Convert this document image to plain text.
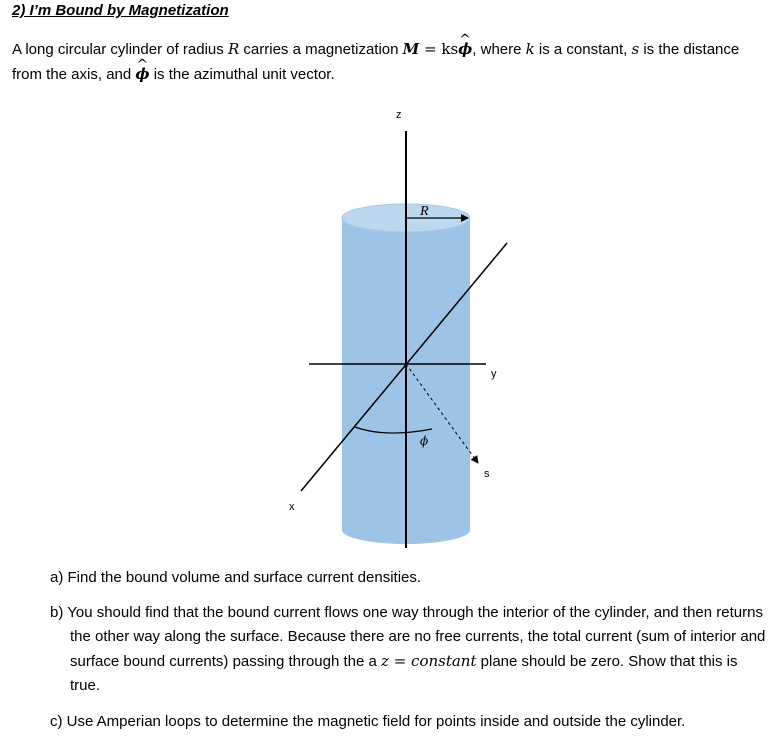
2) I’m Bound by Magnetization
A long circular cylinder of radius R carries a magnetization M = ks^ ϕ, where k is a constant, s is the distance from the axis, and ^ ϕ is the azimuthal unit vector.
R
z
y
x
s
ϕ
a) Find the bound volume and surface current densities.
b) You should find that the bound current flows one way through the interior of the cylinder, and then returns the other way along the surface. Because there are no free currents, the total current (sum of interior and surface bound currents) passing through the a z = constant plane should be zero. Show that this is true.
c) Use Amperian loops to determine the magnetic field for points inside and outside the cylinder.
